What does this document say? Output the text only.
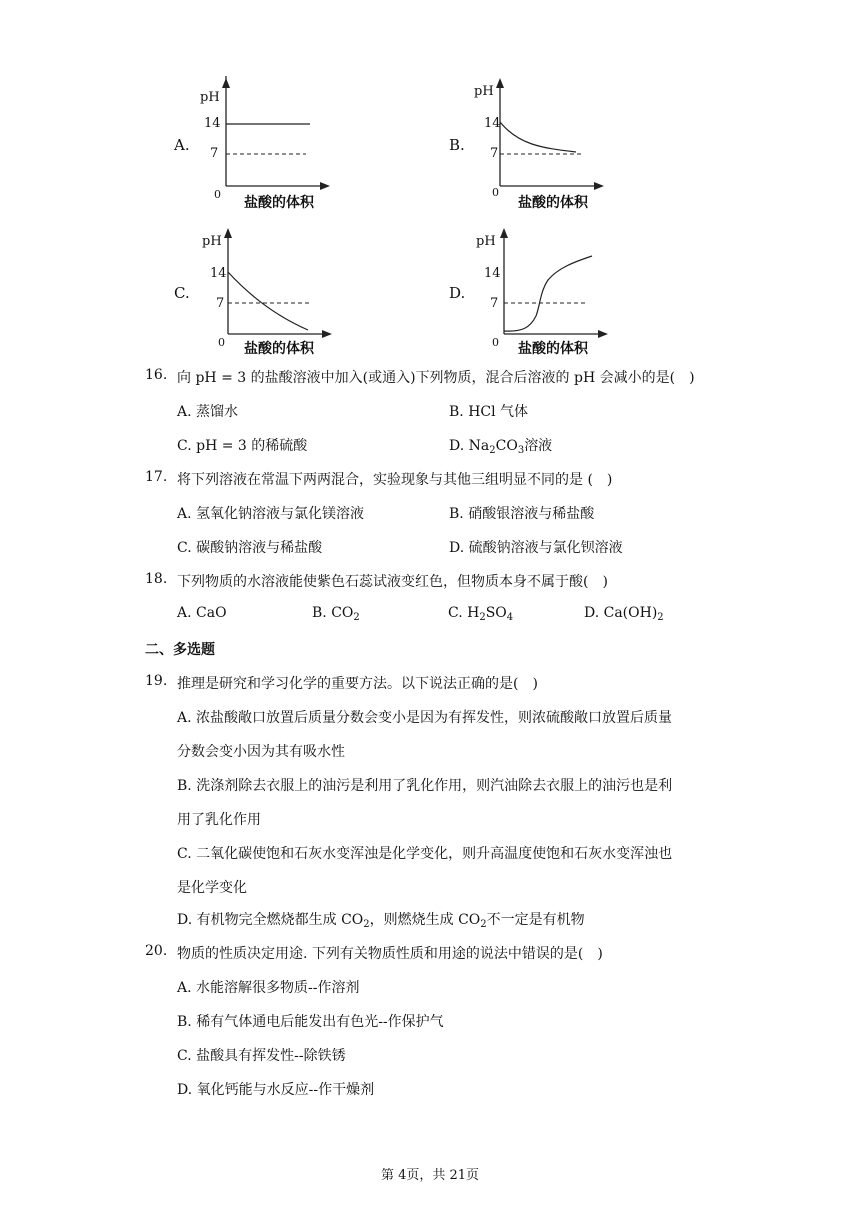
A.
pH
14
7
0
盐酸的体积
B.
pH
14
7
0
盐酸的体积
C.
pH
14
7
0 盐酸的体积
D.
pH
14
7
0 盐酸的体积
16. 向 pH = 3 的盐酸溶液中加入(或通入)下列物质，混合后溶液的 pH 会减小的是(　)
A. 蒸馏水	B. HCl 气体
C. pH = 3 的稀硫酸	D. $Na_2CO_3$溶液
17. 将下列溶液在常温下两两混合，实验现象与其他三组明显不同的是 (　)
A. 氢氧化钠溶液与氯化镁溶液	B. 硝酸银溶液与稀盐酸
C. 碳酸钠溶液与稀盐酸	D. 硫酸钠溶液与氯化钡溶液
18. 下列物质的水溶液能使紫色石蕊试液变红色，但物质本身不属于酸(　)
A. CaO	B. $CO_2$	C. $H_2SO_4$	D. $Ca(OH)_2$
二、多选题
19. 推理是研究和学习化学的重要方法。以下说法正确的是(　)
A. 浓盐酸敞口放置后质量分数会变小是因为有挥发性，则浓硫酸敞口放置后质量
分数会变小因为其有吸水性
B. 洗涤剂除去衣服上的油污是利用了乳化作用，则汽油除去衣服上的油污也是利
用了乳化作用
C. 二氧化碳使饱和石灰水变浑浊是化学变化，则升高温度使饱和石灰水变浑浊也
是化学变化
D. 有机物完全燃烧都生成 $CO_2$，则燃烧生成 $CO_2$不一定是有机物
20. 物质的性质决定用途. 下列有关物质性质和用途的说法中错误的是(　)
A. 水能溶解很多物质--作溶剂
B. 稀有气体通电后能发出有色光--作保护气
C. 盐酸具有挥发性--除铁锈
D. 氧化钙能与水反应--作干燥剂
第 4页，共 21页
